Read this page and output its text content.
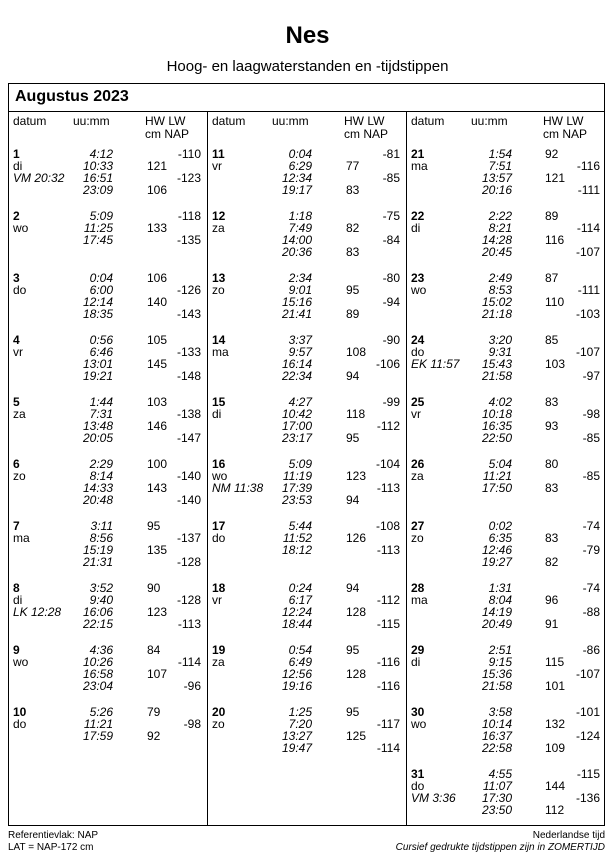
Nes
Hoog- en laagwaterstanden en -tijdstippen
Augustus 2023
datum uu:mm	HW LW
cm NAP
1
di
VM 20:32
4:12	-110
10:33	121
16:51	-123
23:09	106
2
wo
5:09	-118
11:25	133
17:45	-135
3
do
0:04	106
6:00	-126
12:14	140
18:35	-143
4
vr
0:56	105
6:46	-133
13:01	145
19:21	-148
5
za
1:44	103
7:31	-138
13:48	146
20:05	-147
6
zo
2:29	100
8:14	-140
14:33	143
20:48	-140
7
ma
3:11	95
8:56	-137
15:19	135
21:31	-128
8
di
LK 12:28
3:52	90
9:40	-128
16:06	123
22:15	-113
9
wo
4:36	84
10:26	-114
16:58	107
23:04	-96
10
do
5:26	79
11:21	-98
17:59	92
datum uu:mm	HW LW
cm NAP
11
vr
0:04	-81
6:29	77
12:34	-85
19:17	83
12
za
1:18	-75
7:49	82
14:00	-84
20:36	83
13
zo
2:34	-80
9:01	95
15:16	-94
21:41	89
14
ma
3:37	-90
9:57	108
16:14	-106
22:34	94
15
di
4:27	-99
10:42	118
17:00	-112
23:17	95
16
wo
NM 11:38
5:09	-104
11:19	123
17:39	-113
23:53	94
17
do
5:44	-108
11:52	126
18:12	-113
18
vr
0:24	94
6:17	-112
12:24	128
18:44	-115
19
za
0:54	95
6:49	-116
12:56	128
19:16	-116
20
zo
1:25	95
7:20	-117
13:27	125
19:47	-114
datum uu:mm	HW LW
cm NAP
21
ma
1:54	92
7:51	-116
13:57	121
20:16	-111
22
di
2:22	89
8:21	-114
14:28	116
20:45	-107
23
wo
2:49	87
8:53	-111
15:02	110
21:18	-103
24
do
EK 11:57
3:20	85
9:31	-107
15:43	103
21:58	-97
25
vr
4:02	83
10:18	-98
16:35	93
22:50	-85
26
za
5:04	80
11:21	-85
17:50	83
27
zo
0:02	-74
6:35	83
12:46	-79
19:27	82
28
ma
1:31	-74
8:04	96
14:19	-88
20:49	91
29
di
2:51	-86
9:15	115
15:36	-107
21:58	101
30
wo
3:58	-101
10:14	132
16:37	-124
22:58	109
31
do
VM 3:36
4:55	-115
11:07	144
17:30	-136
23:50	112
Referentievlak: NAP
LAT = NAP-172 cm
Nederlandse tijd
Cursief gedrukte tijdstippen zijn in ZOMERTIJD
